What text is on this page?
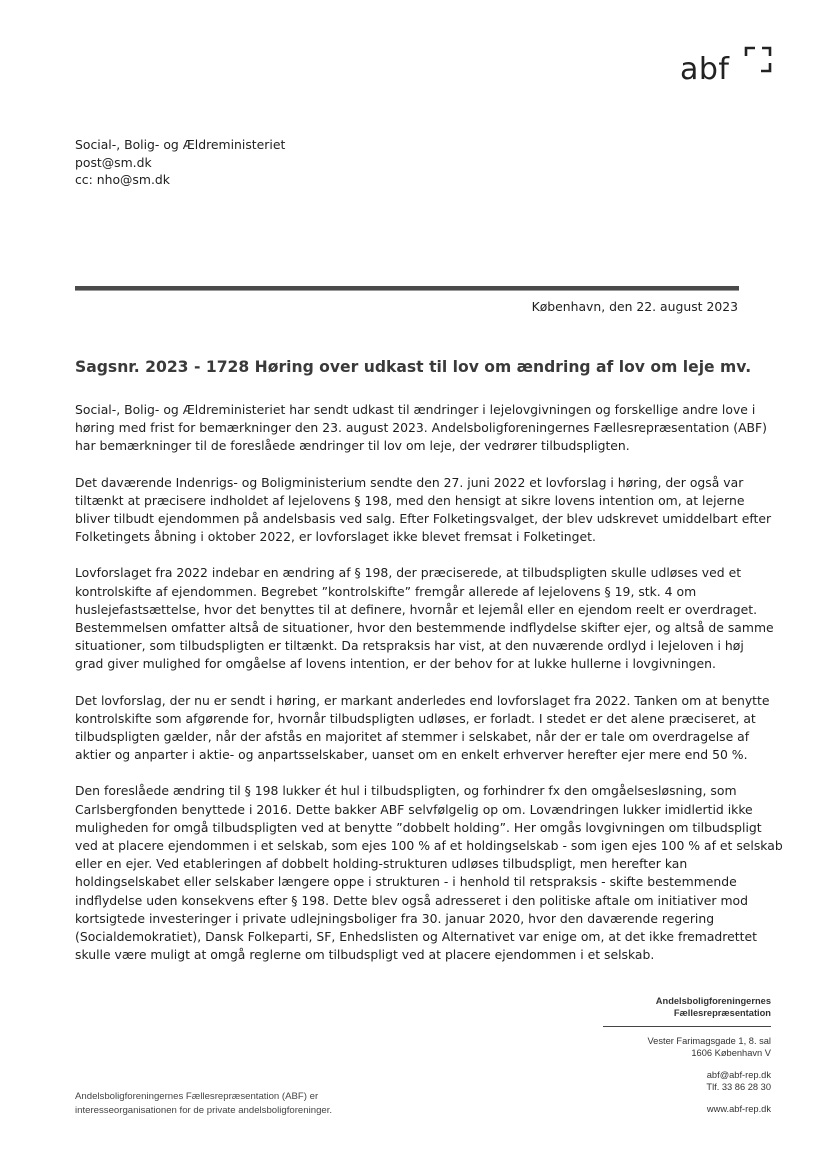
abf
Social-, Bolig- og Ældreministeriet
post@sm.dk
cc: nho@sm.dk
København, den 22. august 2023
Sagsnr. 2023 - 1728 Høring over udkast til lov om ændring af lov om leje mv.

Social-, Bolig- og Ældreministeriet har sendt udkast til ændringer i lejelovgivningen og forskellige andre love i
høring med frist for bemærkninger den 23. august 2023. Andelsboligforeningernes Fællesrepræsentation (ABF)
har bemærkninger til de foreslåede ændringer til lov om leje, der vedrører tilbudspligten.

Det daværende Indenrigs- og Boligministerium sendte den 27. juni 2022 et lovforslag i høring, der også var
tiltænkt at præcisere indholdet af lejelovens § 198, med den hensigt at sikre lovens intention om, at lejerne
bliver tilbudt ejendommen på andelsbasis ved salg. Efter Folketingsvalget, der blev udskrevet umiddelbart efter
Folketingets åbning i oktober 2022, er lovforslaget ikke blevet fremsat i Folketinget.

Lovforslaget fra 2022 indebar en ændring af § 198, der præciserede, at tilbudspligten skulle udløses ved et
kontrolskifte af ejendommen. Begrebet ”kontrolskifte” fremgår allerede af lejelovens § 19, stk. 4 om
huslejefastsættelse, hvor det benyttes til at definere, hvornår et lejemål eller en ejendom reelt er overdraget.
Bestemmelsen omfatter altså de situationer, hvor den bestemmende indflydelse skifter ejer, og altså de samme
situationer, som tilbudspligten er tiltænkt. Da retspraksis har vist, at den nuværende ordlyd i lejeloven i høj
grad giver mulighed for omgåelse af lovens intention, er der behov for at lukke hullerne i lovgivningen.

Det lovforslag, der nu er sendt i høring, er markant anderledes end lovforslaget fra 2022. Tanken om at benytte
kontrolskifte som afgørende for, hvornår tilbudspligten udløses, er forladt. I stedet er det alene præciseret, at
tilbudspligten gælder, når der afstås en majoritet af stemmer i selskabet, når der er tale om overdragelse af
aktier og anparter i aktie- og anpartsselskaber, uanset om en enkelt erhverver herefter ejer mere end 50 %.

Den foreslåede ændring til § 198 lukker ét hul i tilbudspligten, og forhindrer fx den omgåelsesløsning, som
Carlsbergfonden benyttede i 2016. Dette bakker ABF selvfølgelig op om. Lovændringen lukker imidlertid ikke
muligheden for omgå tilbudspligten ved at benytte ”dobbelt holding”. Her omgås lovgivningen om tilbudspligt
ved at placere ejendommen i et selskab, som ejes 100 % af et holdingselskab - som igen ejes 100 % af et selskab
eller en ejer. Ved etableringen af dobbelt holding-strukturen udløses tilbudspligt, men herefter kan
holdingselskabet eller selskaber længere oppe i strukturen - i henhold til retspraksis - skifte bestemmende
indflydelse uden konsekvens efter § 198. Dette blev også adresseret i den politiske aftale om initiativer mod
kortsigtede investeringer i private udlejningsboliger fra 30. januar 2020, hvor den daværende regering
(Socialdemokratiet), Dansk Folkeparti, SF, Enhedslisten og Alternativet var enige om, at det ikke fremadrettet
skulle være muligt at omgå reglerne om tilbudspligt ved at placere ejendommen i et selskab.

Andelsboligforeningernes
Fællesrepræsentation
Vester Farimagsgade 1, 8. sal
1606 København V
abf@abf-rep.dk
Tlf. 33 86 28 30
www.abf-rep.dk
Andelsboligforeningernes Fællesrepræsentation (ABF) er
interesseorganisationen for de private andelsboligforeninger.
